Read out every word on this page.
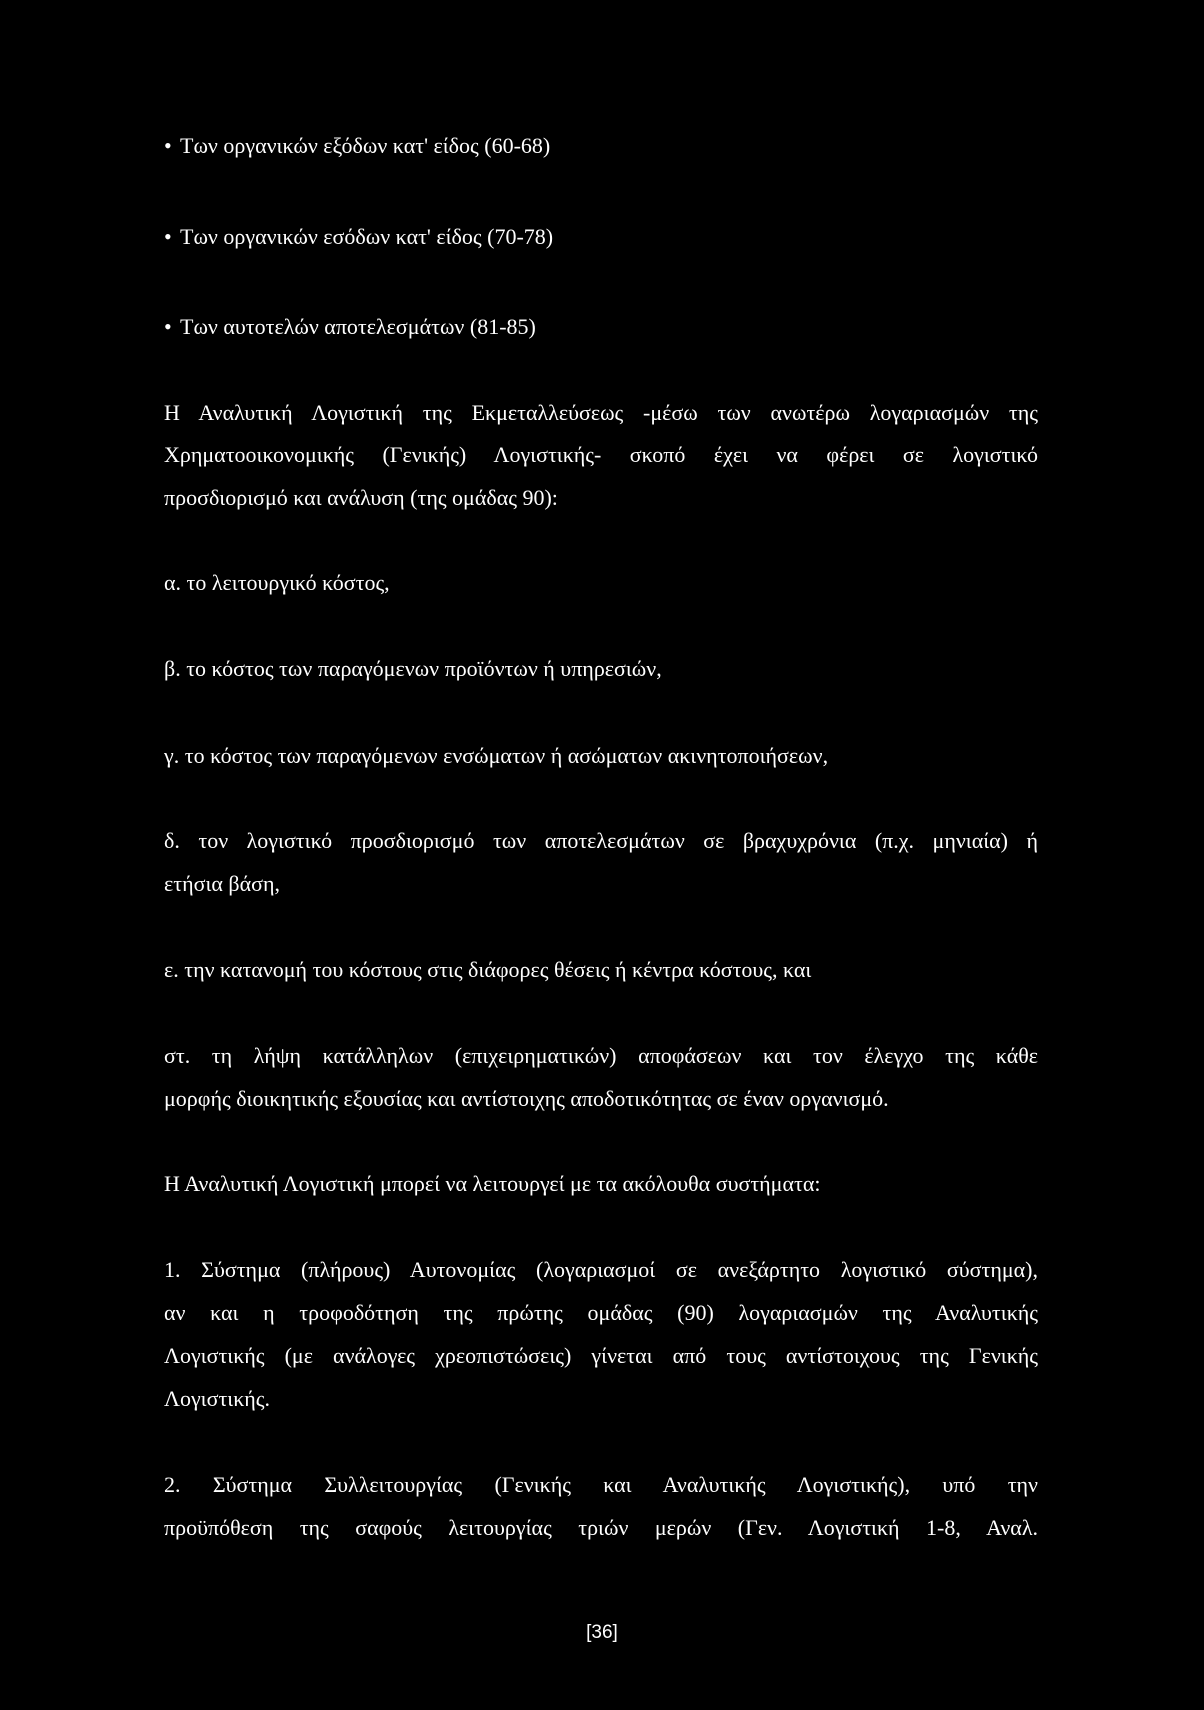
• Των οργανικών εξόδων κατ' είδος (60-68)
• Των οργανικών εσόδων κατ' είδος (70-78)
• Των αυτοτελών αποτελεσμάτων (81-85)
Η Αναλυτική Λογιστική της Εκμεταλλεύσεως -μέσω των ανωτέρω λογαριασμών της
Χρηματοοικονομικής (Γενικής) Λογιστικής- σκοπό έχει να φέρει σε λογιστικό
προσδιορισμό και ανάλυση (της ομάδας 90):
α. το λειτουργικό κόστος,
β. το κόστος των παραγόμενων προϊόντων ή υπηρεσιών,
γ. το κόστος των παραγόμενων ενσώματων ή ασώματων ακινητοποιήσεων,
δ. τον λογιστικό προσδιορισμό των αποτελεσμάτων σε βραχυχρόνια (π.χ. μηνιαία) ή
ετήσια βάση,
ε. την κατανομή του κόστους στις διάφορες θέσεις ή κέντρα κόστους, και
στ. τη λήψη κατάλληλων (επιχειρηματικών) αποφάσεων και τον έλεγχο της κάθε
μορφής διοικητικής εξουσίας και αντίστοιχης αποδοτικότητας σε έναν οργανισμό.
Η Αναλυτική Λογιστική μπορεί να λειτουργεί με τα ακόλουθα συστήματα:
1. Σύστημα (πλήρους) Αυτονομίας (λογαριασμοί σε ανεξάρτητο λογιστικό σύστημα),
αν και η τροφοδότηση της πρώτης ομάδας (90) λογαριασμών της Αναλυτικής
Λογιστικής (με ανάλογες χρεοπιστώσεις) γίνεται από τους αντίστοιχους της Γενικής
Λογιστικής.
2. Σύστημα Συλλειτουργίας (Γενικής και Αναλυτικής Λογιστικής), υπό την
προϋπόθεση της σαφούς λειτουργίας τριών μερών (Γεν. Λογιστική 1-8, Αναλ.
[36]
